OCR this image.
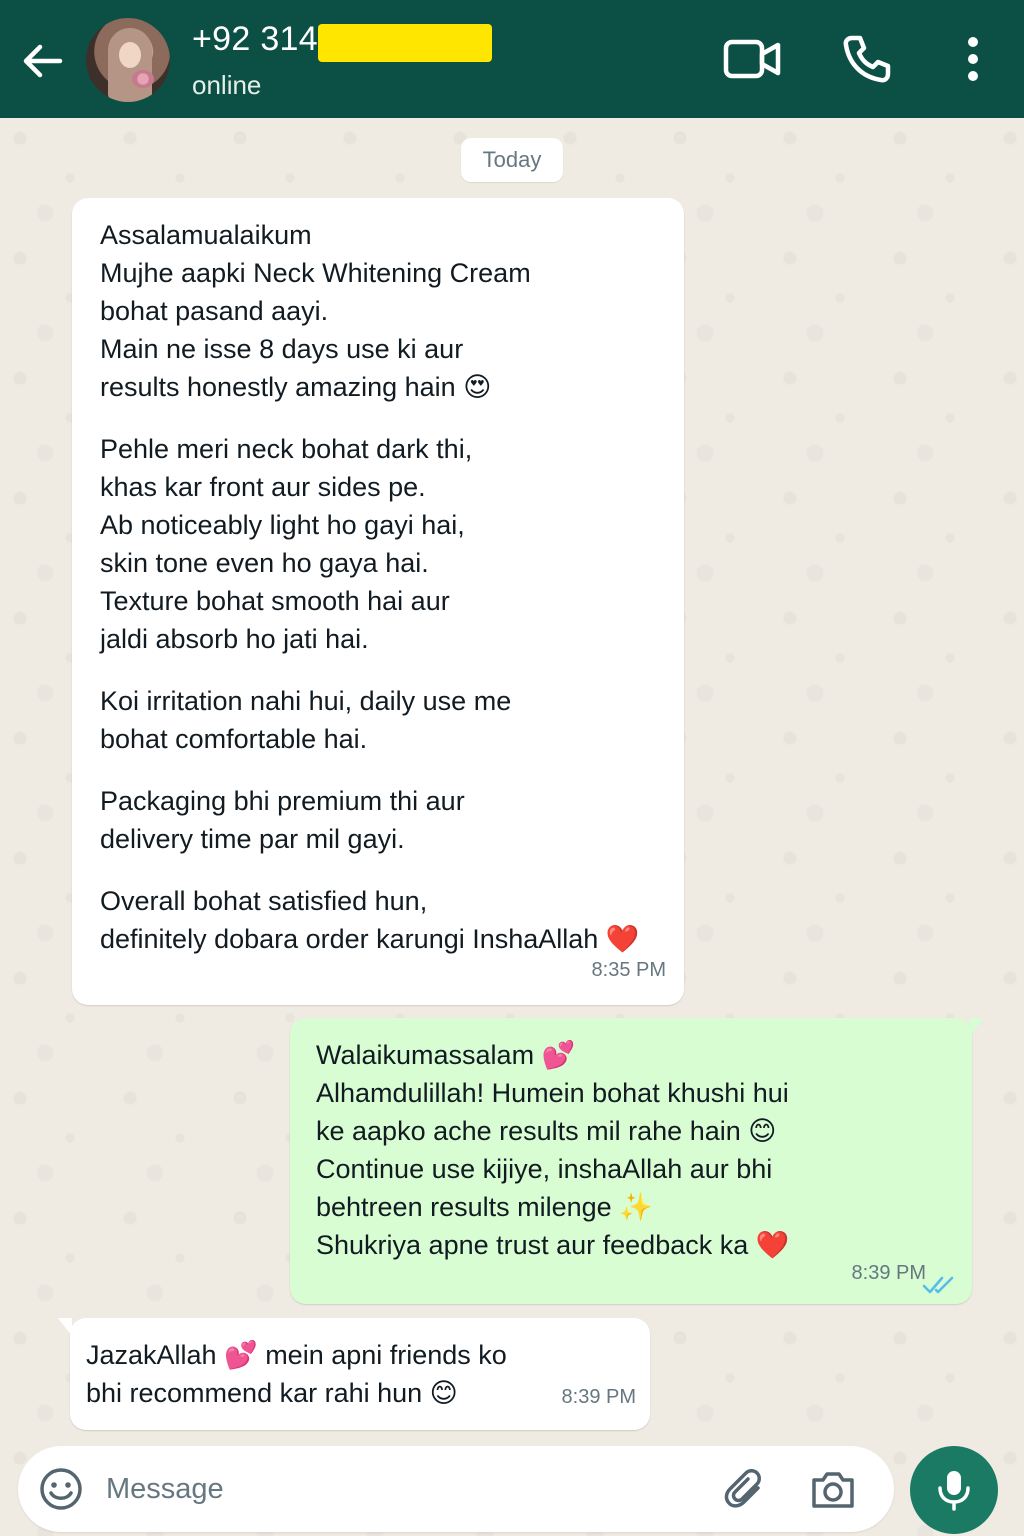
+92 314
online
Today
Assalamualaikum
Mujhe aapki Neck Whitening Cream
bohat pasand aayi.
Main ne isse 8 days use ki aur
results honestly amazing hain 😍
Pehle meri neck bohat dark thi,
khas kar front aur sides pe.
Ab noticeably light ho gayi hai,
skin tone even ho gaya hai.
Texture bohat smooth hai aur
jaldi absorb ho jati hai.
Koi irritation nahi hui, daily use me
bohat comfortable hai.
Packaging bhi premium thi aur
delivery time par mil gayi.
Overall bohat satisfied hun,
definitely dobara order karungi InshaAllah ❤️
8:35 PM
Walaikumassalam 💕
Alhamdulillah! Humein bohat khushi hui
ke aapko ache results mil rahe hain 😊
Continue use kijiye, inshaAllah aur bhi
behtreen results milenge ✨
Shukriya apne trust aur feedback ka ❤️
8:39 PM
JazakAllah 💕 mein apni friends ko
bhi recommend kar rahi hun 😊	8:39 PM
Message
